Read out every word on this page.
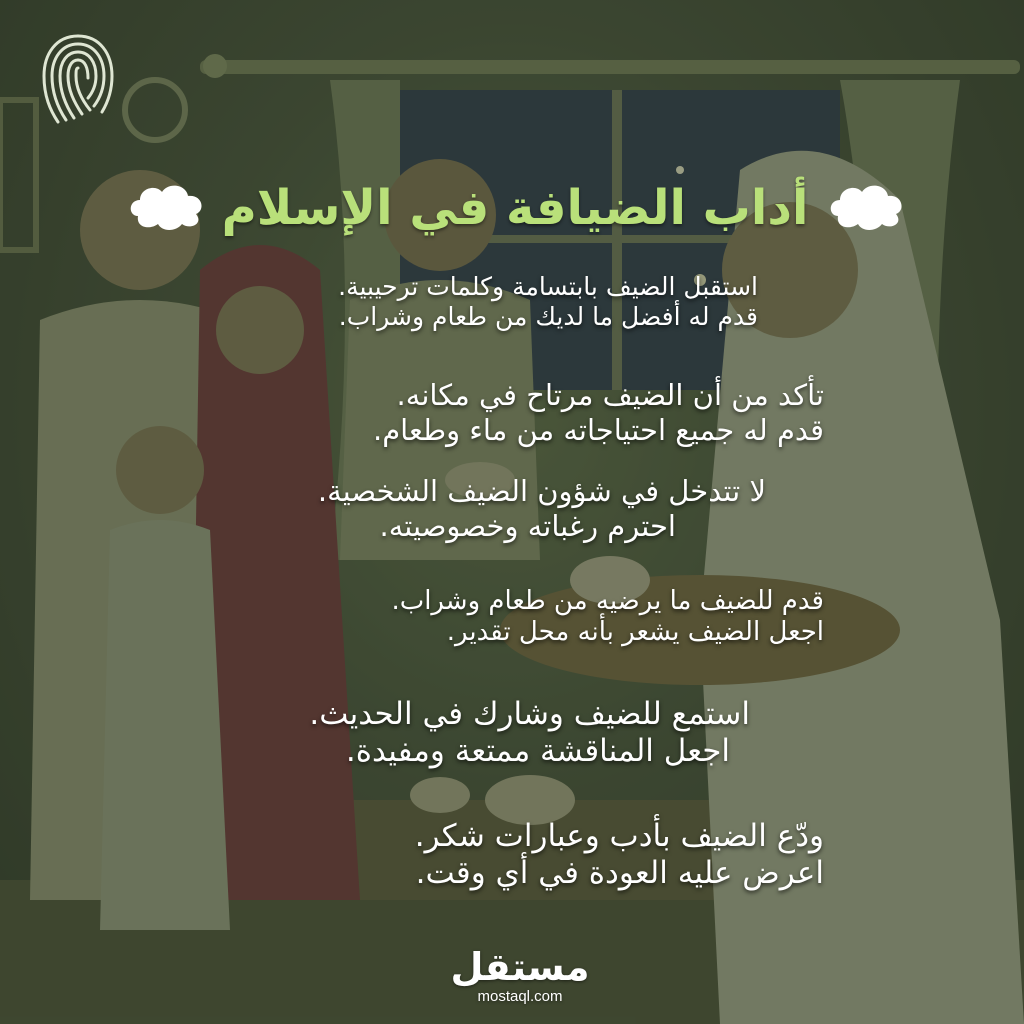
أداب الضيافة في الإسلام

استقبل الضيف بابتسامة وكلمات ترحيبية.

قدم له أفضل ما لديك من طعام وشراب.

تأكد من أن الضيف مرتاح في مكانه.

قدم له جميع احتياجاته من ماء وطعام.

لا تتدخل في شؤون الضيف الشخصية.

احترم رغباته وخصوصيته.

قدم للضيف ما يرضيه من طعام وشراب.

اجعل الضيف يشعر بأنه محل تقدير.

استمع للضيف وشارك في الحديث.

اجعل المناقشة ممتعة ومفيدة.

ودّع الضيف بأدب وعبارات شكر.

اعرض عليه العودة في أي وقت.

مستقل
mostaql.com
